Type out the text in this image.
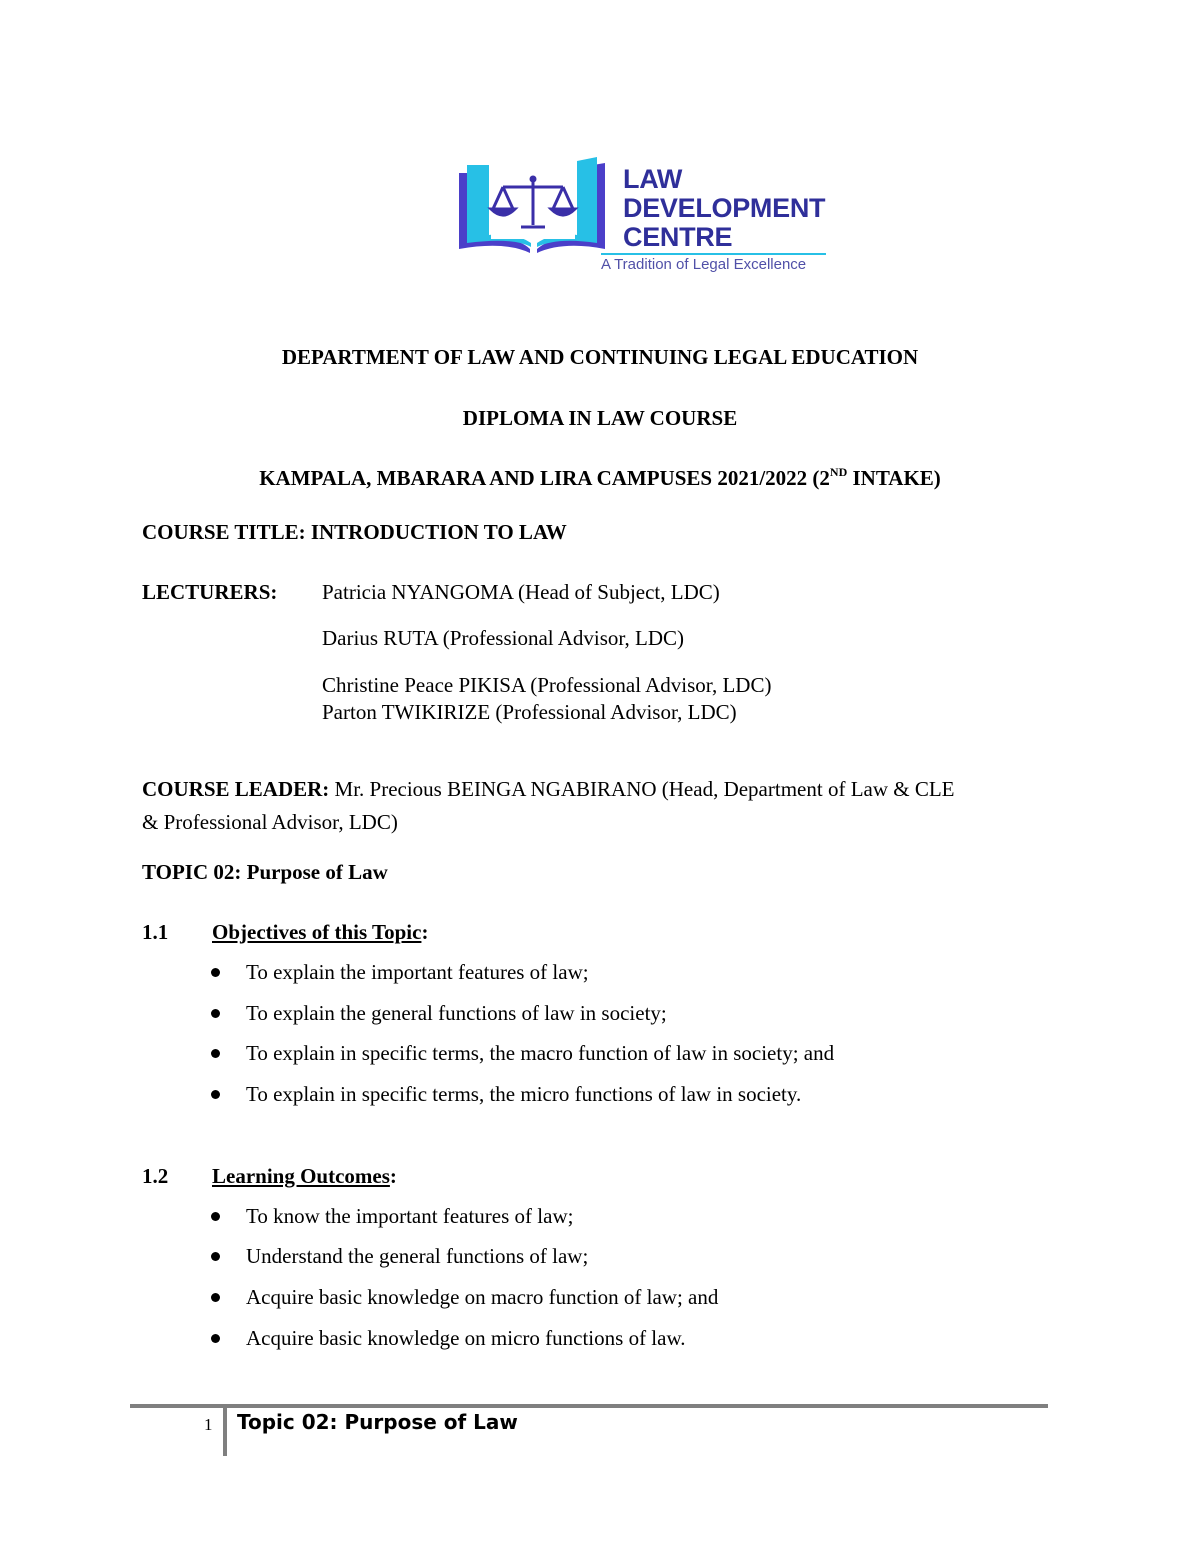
LAW
DEVELOPMENT
CENTRE
A Tradition of Legal Excellence
DEPARTMENT OF LAW AND CONTINUING LEGAL EDUCATION
DIPLOMA IN LAW COURSE
KAMPALA, MBARARA AND LIRA CAMPUSES 2021/2022 (2ND INTAKE)
COURSE TITLE: INTRODUCTION TO LAW
LECTURERS: Patricia NYANGOMA (Head of Subject, LDC)
Darius RUTA (Professional Advisor, LDC)
Christine Peace PIKISA (Professional Advisor, LDC)
Parton TWIKIRIZE (Professional Advisor, LDC)
COURSE LEADER: Mr. Precious BEINGA NGABIRANO (Head, Department of Law & CLE
& Professional Advisor, LDC)
TOPIC 02: Purpose of Law
1.1 Objectives of this Topic:
To explain the important features of law;
To explain the general functions of law in society;
To explain in specific terms, the macro function of law in society; and
To explain in specific terms, the micro functions of law in society.
1.2 Learning Outcomes:
To know the important features of law;
Understand the general functions of law;
Acquire basic knowledge on macro function of law; and
Acquire basic knowledge on micro functions of law.
1 Topic 02: Purpose of Law
